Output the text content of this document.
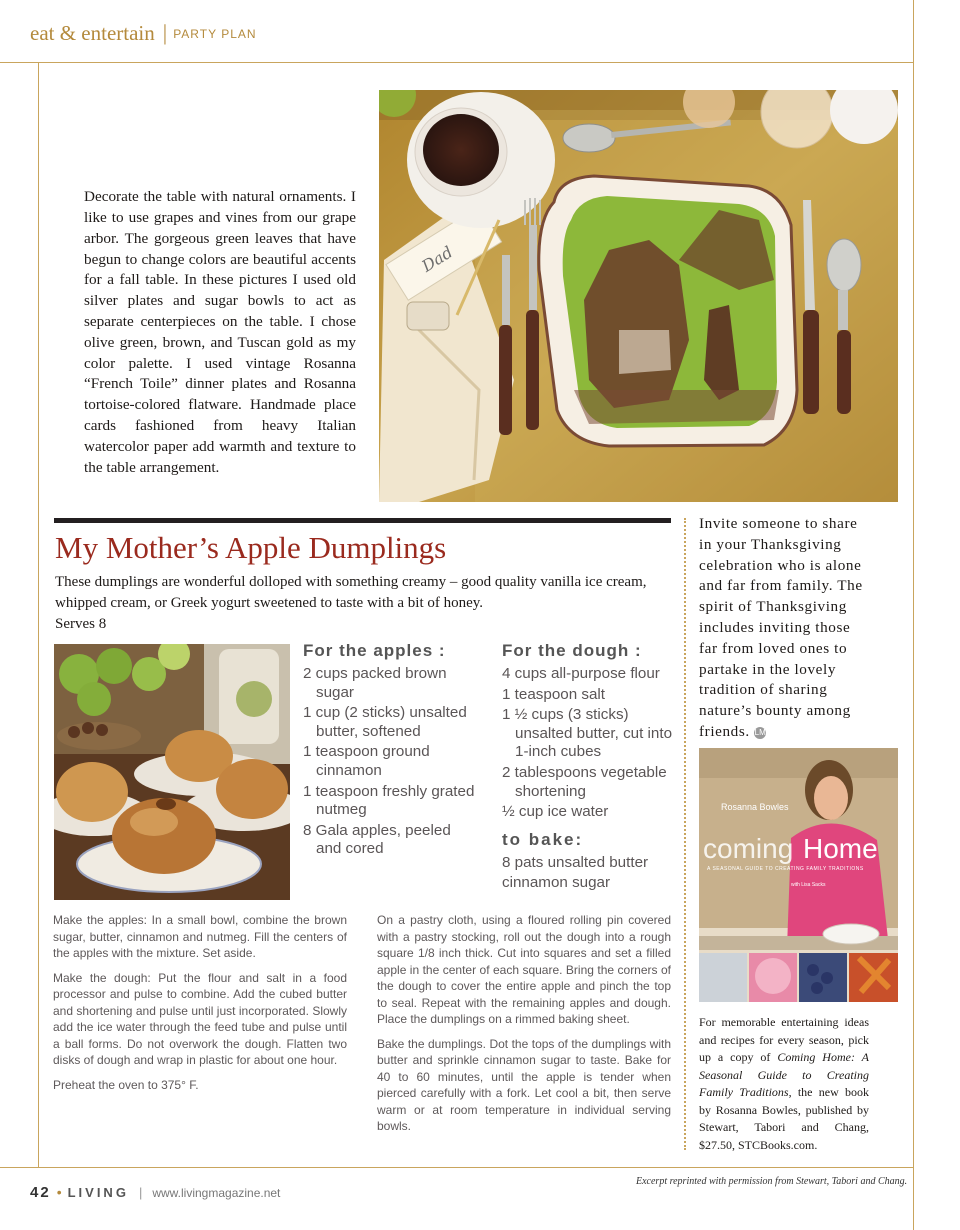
eat & entertain | PARTY PLAN

Decorate the table with natural ornaments. I like to use grapes and vines from our grape arbor. The gorgeous green leaves that have begun to change colors are beautiful accents for a fall table. In these pictures I used old silver plates and sugar bowls to act as separate centerpieces on the table. I chose olive green, brown, and Tuscan gold as my color palette. I used vintage Rosanna “French Toile” dinner plates and Rosanna tortoise-colored flatware. Handmade place cards fashioned from heavy Italian watercolor paper add warmth and texture to the table arrangement.

Dad
My Mother’s Apple Dumplings
These dumplings are wonderful dolloped with something creamy – good quality vanilla ice cream, whipped cream, or Greek yogurt sweetened to taste with a bit of honey.
Serves 8
For the apples :
2 cups packed brown sugar
1 cup (2 sticks) unsalted butter, softened
1 teaspoon ground cinnamon
1 teaspoon freshly grated nutmeg
8 Gala apples, peeled and cored
For the dough :
4 cups all-purpose flour
1 teaspoon salt
1 ½ cups (3 sticks) unsalted butter, cut into 1-inch cubes
2 tablespoons vegetable shortening
½ cup ice water
to bake:
8 pats unsalted butter
cinnamon sugar

Make the apples: In a small bowl, combine the brown sugar, butter, cinnamon and nutmeg. Fill the centers of the apples with the mixture. Set aside.

Make the dough: Put the flour and salt in a food processor and pulse to combine. Add the cubed butter and shortening and pulse until just incorporated. Slowly add the ice water through the feed tube and pulse until a ball forms. Do not overwork the dough. Flatten two disks of dough and wrap in plastic for about one hour.

Preheat the oven to 375° F.

On a pastry cloth, using a floured rolling pin covered with a pastry stocking, roll out the dough into a rough square 1/8 inch thick. Cut into squares and set a filled apple in the center of each square. Bring the corners of the dough to cover the entire apple and pinch the top to seal. Repeat with the remaining apples and dough. Place the dumplings on a rimmed baking sheet.

Bake the dumplings. Dot the tops of the dumplings with butter and sprinkle cinnamon sugar to taste. Bake for 40 to 60 minutes, until the apple is tender when pierced carefully with a fork. Let cool a bit, then serve warm or at room temperature in individual serving bowls.

Invite someone to share in your Thanksgiving celebration who is alone and far from family. The spirit of Thanksgiving includes inviting those far from loved ones to partake in the lovely tradition of sharing nature’s bounty among friends. LM
Rosanna Bowles
coming Home
A SEASONAL GUIDE TO CREATING FAMILY TRADITIONS
with Lisa Sacks
For memorable entertaining ideas and recipes for every season, pick up a copy of Coming Home: A Seasonal Guide to Creating Family Traditions, the new book by Rosanna Bowles, published by Stewart, Tabori and Chang, $27.50, STCBooks.com.
42 • LIVING | www.livingmagazine.net
Excerpt reprinted with permission from Stewart, Tabori and Chang.
